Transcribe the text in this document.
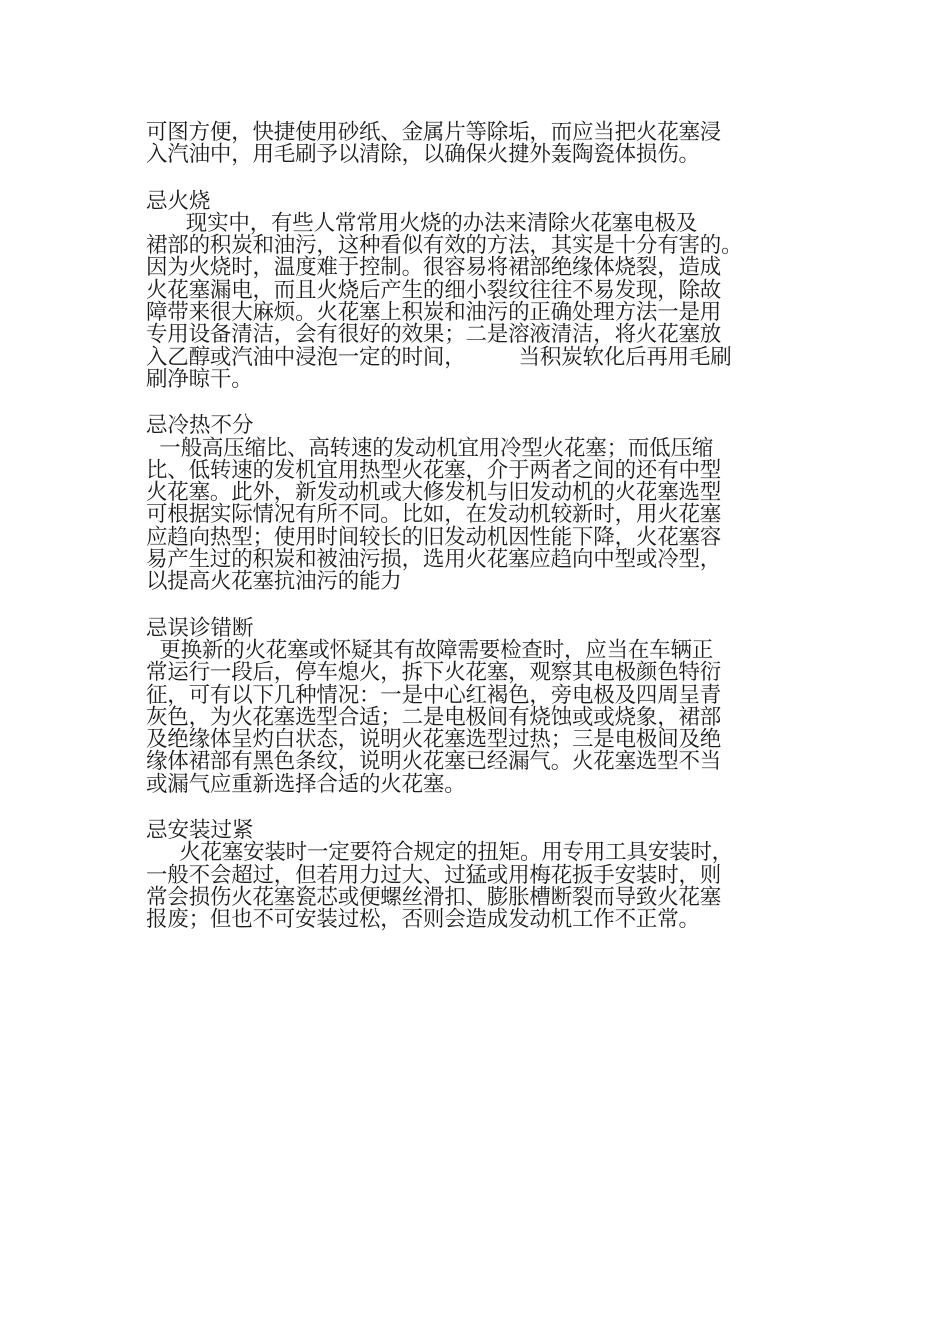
可图方便，快捷使用砂纸、金属片等除垢，而应当把火花塞浸
入汽油中，用毛刷予以清除，以确保火揵外轰陶瓷体损伤。
忌火烧
现实中，有些人常常用火烧的办法来清除火花塞电极及
裙部的积炭和油污，这种看似有效的方法，其实是十分有害的。
因为火烧时，温度难于控制。很容易将裙部绝缘体烧裂，造成
火花塞漏电，而且火烧后产生的细小裂纹往往不易发现，除故
障带来很大麻烦。火花塞上积炭和油污的正确处理方法一是用
专用设备清洁，会有很好的效果；二是溶液清洁，将火花塞放
入乙醇或汽油中浸泡一定的时间，        当积炭软化后再用毛刷
刷净晾干。
忌冷热不分
一般高压缩比、高转速的发动机宜用冷型火花塞；而低压缩
比、低转速的发机宜用热型火花塞，介于两者之间的还有中型
火花塞。此外，新发动机或大修发机与旧发动机的火花塞选型
可根据实际情况有所不同。比如，在发动机较新时，用火花塞
应趋向热型；使用时间较长的旧发动机因性能下降，火花塞容
易产生过的积炭和被油污损，选用火花塞应趋向中型或冷型，
以提高火花塞抗油污的能力
忌误诊错断
更换新的火花塞或怀疑其有故障需要检查时，应当在车辆正
常运行一段后，停车熄火，拆下火花塞，观察其电极颜色特衍
征，可有以下几种情况：一是中心红褐色，旁电极及四周呈青
灰色，为火花塞选型合适；二是电极间有烧蚀或或烧象，裙部
及绝缘体呈灼白状态，说明火花塞选型过热；三是电极间及绝
缘体裙部有黑色条纹，说明火花塞已经漏气。火花塞选型不当
或漏气应重新选择合适的火花塞。
忌安装过紧
火花塞安装时一定要符合规定的扭矩。用专用工具安装时，
一般不会超过，但若用力过大、过猛或用梅花扳手安装时，则
常会损伤火花塞瓷芯或便螺丝滑扣、膨胀槽断裂而导致火花塞
报废；但也不可安装过松，否则会造成发动机工作不正常。
